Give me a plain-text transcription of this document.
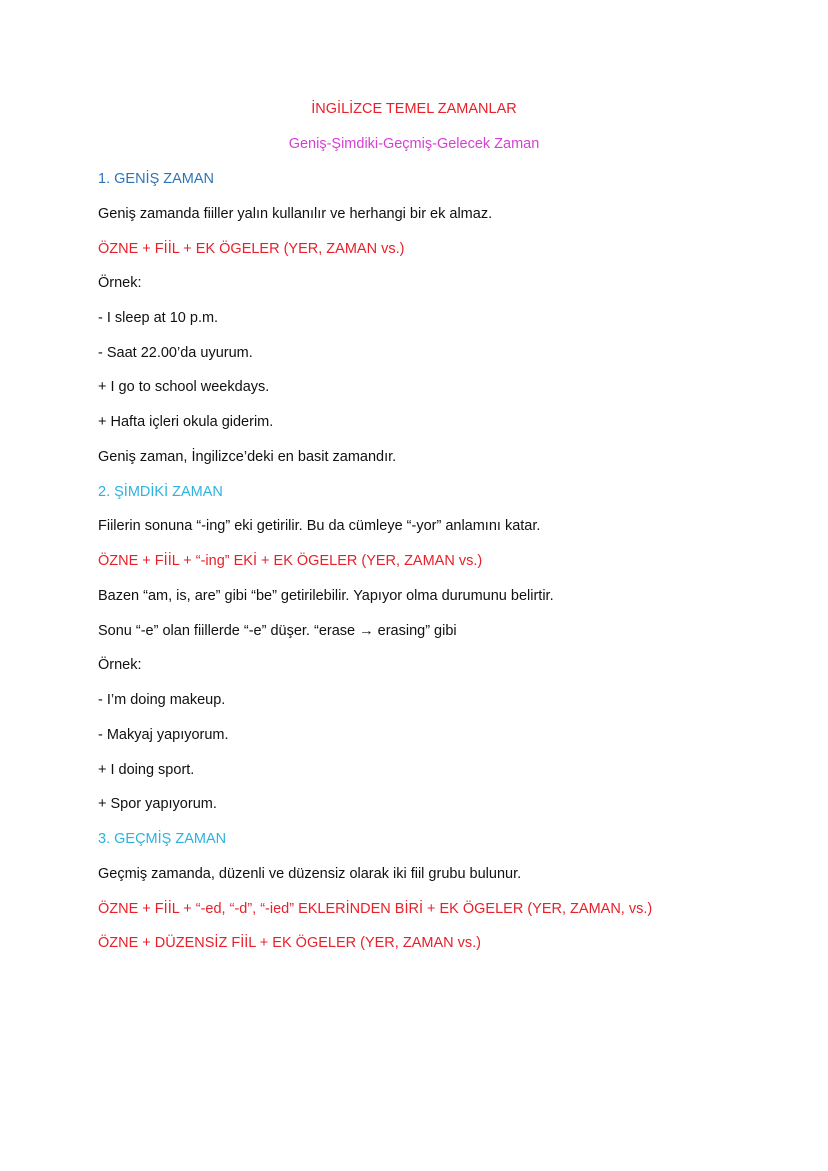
İNGİLİZCE TEMEL ZAMANLAR
Geniş-Şimdiki-Geçmiş-Gelecek Zaman
1. GENİŞ ZAMAN
Geniş zamanda fiiller yalın kullanılır ve herhangi bir ek almaz.
ÖZNE + FİİL + EK ÖGELER (YER, ZAMAN vs.)
Örnek:
- I sleep at 10 p.m.
- Saat 22.00’da uyurum.
+ I go to school weekdays.
+ Hafta içleri okula giderim.
Geniş zaman, İngilizce’deki en basit zamandır.
2. ŞİMDİKİ ZAMAN
Fiilerin sonuna “-ing” eki getirilir. Bu da cümleye “-yor” anlamını katar.
ÖZNE + FİİL + “-ing” EKİ + EK ÖGELER (YER, ZAMAN vs.)
Bazen “am, is, are” gibi “be” getirilebilir. Yapıyor olma durumunu belirtir.
Sonu “-e” olan fiillerde “-e” düşer. “erase → erasing” gibi
Örnek:
- I’m doing makeup.
- Makyaj yapıyorum.
+ I doing sport.
+ Spor yapıyorum.
3. GEÇMİŞ ZAMAN
Geçmiş zamanda, düzenli ve düzensiz olarak iki fiil grubu bulunur.
ÖZNE + FİİL + “-ed, “-d”, “-ied” EKLERİNDEN BİRİ + EK ÖGELER (YER, ZAMAN, vs.)
ÖZNE + DÜZENSİZ FİİL + EK ÖGELER (YER, ZAMAN vs.)
